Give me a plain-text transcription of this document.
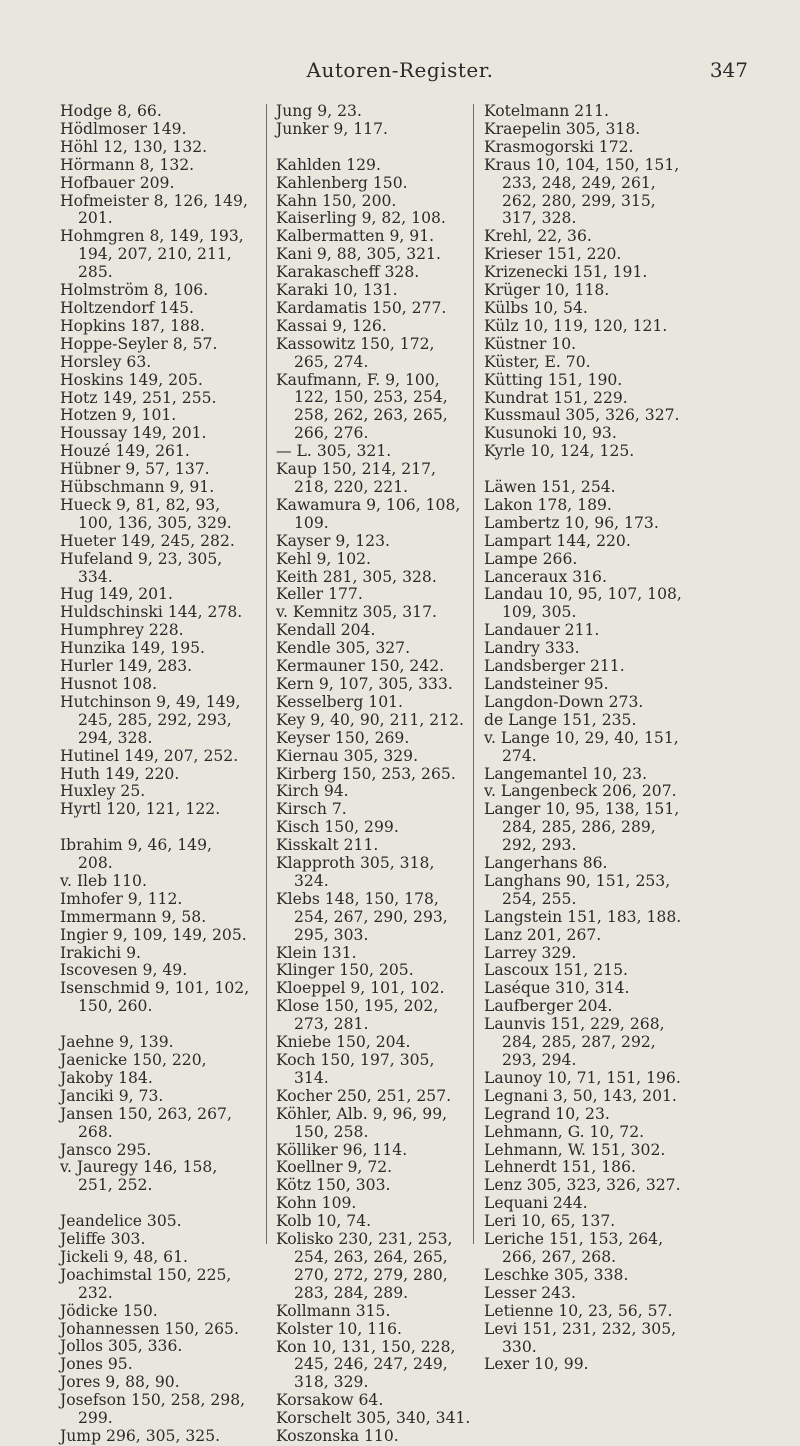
Autoren-Register.	347
Hodge 8, 66.
Hödlmoser 149.
Höhl 12, 130, 132.
Hörmann 8, 132.
Hofbauer 209.
Hofmeister 8, 126, 149, 201.
Hohmgren 8, 149, 193, 194, 207, 210, 211, 285.
Holmström 8, 106.
Holtzendorf 145.
Hopkins 187, 188.
Hoppe-Seyler 8, 57.
Horsley 63.
Hoskins 149, 205.
Hotz 149, 251, 255.
Hotzen 9, 101.
Houssay 149, 201.
Houzé 149, 261.
Hübner 9, 57, 137.
Hübschmann 9, 91.
Hueck 9, 81, 82, 93, 100, 136, 305, 329.
Hueter 149, 245, 282.
Hufeland 9, 23, 305, 334.
Hug 149, 201.
Huldschinski 144, 278.
Humphrey 228.
Hunzika 149, 195.
Hurler 149, 283.
Husnot 108.
Hutchinson 9, 49, 149, 245, 285, 292, 293, 294, 328.
Hutinel 149, 207, 252.
Huth 149, 220.
Huxley 25.
Hyrtl 120, 121, 122.
Ibrahim 9, 46, 149, 208.
v. Ileb 110.
Imhofer 9, 112.
Immermann 9, 58.
Ingier 9, 109, 149, 205.
Irakichi 9.
Iscovesen 9, 49.
Isenschmid 9, 101, 102, 150, 260.
Jaehne 9, 139.
Jaenicke 150, 220,
Jakoby 184.
Janciki 9, 73.
Jansen 150, 263, 267, 268.
Jansco 295.
v. Jauregy 146, 158, 251, 252.
Jeandelice 305.
Jeliffe 303.
Jickeli 9, 48, 61.
Joachimstal 150, 225, 232.
Jödicke 150.
Johannessen 150, 265.
Jollos 305, 336.
Jones 95.
Jores 9, 88, 90.
Josefson 150, 258, 298, 299.
Jump 296, 305, 325.
Jung 9, 23.
Junker 9, 117.
Kahlden 129.
Kahlenberg 150.
Kahn 150, 200.
Kaiserling 9, 82, 108.
Kalbermatten 9, 91.
Kani 9, 88, 305, 321.
Karakascheff 328.
Karaki 10, 131.
Kardamatis 150, 277.
Kassai 9, 126.
Kassowitz 150, 172, 265, 274.
Kaufmann, F. 9, 100, 122, 150, 253, 254, 258, 262, 263, 265, 266, 276.
— L. 305, 321.
Kaup 150, 214, 217, 218, 220, 221.
Kawamura 9, 106, 108, 109.
Kayser 9, 123.
Kehl 9, 102.
Keith 281, 305, 328.
Keller 177.
v. Kemnitz 305, 317.
Kendall 204.
Kendle 305, 327.
Kermauner 150, 242.
Kern 9, 107, 305, 333.
Kesselberg 101.
Key 9, 40, 90, 211, 212.
Keyser 150, 269.
Kiernau 305, 329.
Kirberg 150, 253, 265.
Kirch 94.
Kirsch 7.
Kisch 150, 299.
Kisskalt 211.
Klapproth 305, 318, 324.
Klebs 148, 150, 178, 254, 267, 290, 293, 295, 303.
Klein 131.
Klinger 150, 205.
Kloeppel 9, 101, 102.
Klose 150, 195, 202, 273, 281.
Kniebe 150, 204.
Koch 150, 197, 305, 314.
Kocher 250, 251, 257.
Köhler, Alb. 9, 96, 99, 150, 258.
Kölliker 96, 114.
Koellner 9, 72.
Kötz 150, 303.
Kohn 109.
Kolb 10, 74.
Kolisko 230, 231, 253, 254, 263, 264, 265, 270, 272, 279, 280, 283, 284, 289.
Kollmann 315.
Kolster 10, 116.
Kon 10, 131, 150, 228, 245, 246, 247, 249, 318, 329.
Korsakow 64.
Korschelt 305, 340, 341.
Koszonska 110.
Kotelmann 211.
Kraepelin 305, 318.
Krasmogorski 172.
Kraus 10, 104, 150, 151, 233, 248, 249, 261, 262, 280, 299, 315, 317, 328.
Krehl, 22, 36.
Krieser 151, 220.
Krizenecki 151, 191.
Krüger 10, 118.
Külbs 10, 54.
Külz 10, 119, 120, 121.
Küstner 10.
Küster, E. 70.
Kütting 151, 190.
Kundrat 151, 229.
Kussmaul 305, 326, 327.
Kusunoki 10, 93.
Kyrle 10, 124, 125.
Läwen 151, 254.
Lakon 178, 189.
Lambertz 10, 96, 173.
Lampart 144, 220.
Lampe 266.
Lanceraux 316.
Landau 10, 95, 107, 108, 109, 305.
Landauer 211.
Landry 333.
Landsberger 211.
Landsteiner 95.
Langdon-Down 273.
de Lange 151, 235.
v. Lange 10, 29, 40, 151, 274.
Langemantel 10, 23.
v. Langenbeck 206, 207.
Langer 10, 95, 138, 151, 284, 285, 286, 289, 292, 293.
Langerhans 86.
Langhans 90, 151, 253, 254, 255.
Langstein 151, 183, 188.
Lanz 201, 267.
Larrey 329.
Lascoux 151, 215.
Laséque 310, 314.
Laufberger 204.
Launvis 151, 229, 268, 284, 285, 287, 292, 293, 294.
Launoy 10, 71, 151, 196.
Legnani 3, 50, 143, 201.
Legrand 10, 23.
Lehmann, G. 10, 72.
Lehmann, W. 151, 302.
Lehnerdt 151, 186.
Lenz 305, 323, 326, 327.
Lequani 244.
Leri 10, 65, 137.
Leriche 151, 153, 264, 266, 267, 268.
Leschke 305, 338.
Lesser 243.
Letienne 10, 23, 56, 57.
Levi 151, 231, 232, 305, 330.
Lexer 10, 99.
